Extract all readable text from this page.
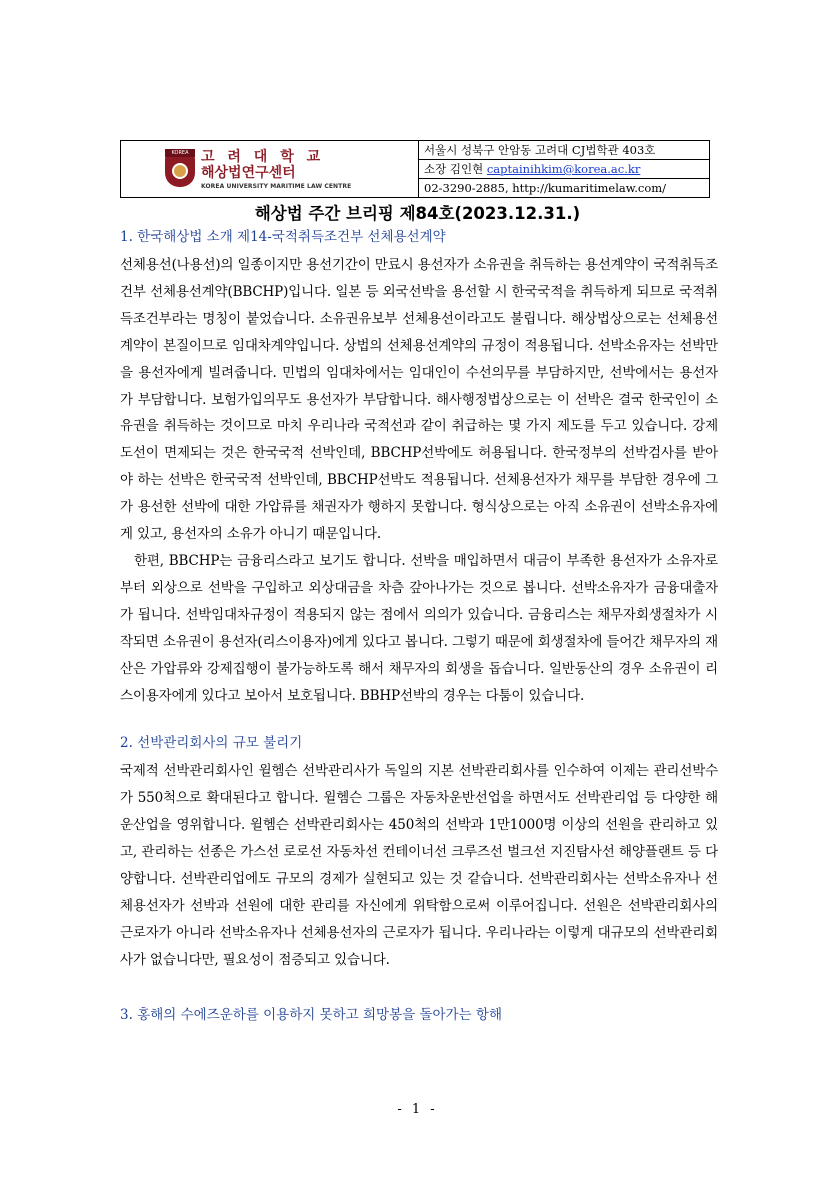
KOREA 고 려 대 학 교
해상법연구센터
KOREA UNIVERSITY MARITIME LAW CENTRE
서울시 성북구 안암동 고려대 CJ법학관 403호
소장 김인현 captainihkim@korea.ac.kr
02-3290-2885, http://kumaritimelaw.com/
해상법 주간 브리핑 제84호(2023.12.31.)

1. 한국해상법 소개 제14-국적취득조건부 선체용선계약

선체용선(나용선)의 일종이지만 용선기간이 만료시 용선자가 소유권을 취득하는 용선계약이 국적취득조건부 선체용선계약(BBCHP)입니다. 일본 등 외국선박을 용선할 시 한국국적을 취득하게 되므로 국적취득조건부라는 명칭이 붙었습니다. 소유권유보부 선체용선이라고도 불립니다. 해상법상으로는 선체용선계약이 본질이므로 임대차계약입니다. 상법의 선체용선계약의 규정이 적용됩니다. 선박소유자는 선박만을 용선자에게 빌려줍니다. 민법의 임대차에서는 임대인이 수선의무를 부담하지만, 선박에서는 용선자가 부담합니다. 보험가입의무도 용선자가 부담합니다. 해사행정법상으로는 이 선박은 결국 한국인이 소유권을 취득하는 것이므로 마치 우리나라 국적선과 같이 취급하는 몇 가지 제도를 두고 있습니다. 강제도선이 면제되는 것은 한국국적 선박인데, BBCHP선박에도 허용됩니다. 한국정부의 선박검사를 받아야 하는 선박은 한국국적 선박인데, BBCHP선박도 적용됩니다. 선체용선자가 채무를 부담한 경우에 그가 용선한 선박에 대한 가압류를 채권자가 행하지 못합니다. 형식상으로는 아직 소유권이 선박소유자에게 있고, 용선자의 소유가 아니기 때문입니다.

한편, BBCHP는 금융리스라고 보기도 합니다. 선박을 매입하면서 대금이 부족한 용선자가 소유자로부터 외상으로 선박을 구입하고 외상대금을 차츰 갚아나가는 것으로 봅니다. 선박소유자가 금융대출자가 됩니다. 선박임대차규정이 적용되지 않는 점에서 의의가 있습니다. 금융리스는 채무자회생절차가 시작되면 소유권이 용선자(리스이용자)에게 있다고 봅니다. 그렇기 때문에 회생절차에 들어간 채무자의 재산은 가압류와 강제집행이 불가능하도록 해서 채무자의 회생을 돕습니다. 일반동산의 경우 소유권이 리스이용자에게 있다고 보아서 보호됩니다. BBHP선박의 경우는 다툼이 있습니다.

2. 선박관리회사의 규모 불리기

국제적 선박관리회사인 윌헴슨 선박관리사가 독일의 지본 선박관리회사를 인수하여 이제는 관리선박수가 550척으로 확대된다고 합니다. 윌헴슨 그룹은 자동차운반선업을 하면서도 선박관리업 등 다양한 해운산업을 영위합니다. 윌헴슨 선박관리회사는 450척의 선박과 1만1000명 이상의 선원을 관리하고 있고, 관리하는 선종은 가스선 로로선 자동차선 컨테이너선 크루즈선 벌크선 지진탐사선 해양플랜트 등 다양합니다. 선박관리업에도 규모의 경제가 실현되고 있는 것 같습니다. 선박관리회사는 선박소유자나 선체용선자가 선박과 선원에 대한 관리를 자신에게 위탁함으로써 이루어집니다. 선원은 선박관리회사의 근로자가 아니라 선박소유자나 선체용선자의 근로자가 됩니다. 우리나라는 이렇게 대규모의 선박관리회사가 없습니다만, 필요성이 점증되고 있습니다.

3. 홍해의 수에즈운하를 이용하지 못하고 희망봉을 돌아가는 항해

- 1 -
